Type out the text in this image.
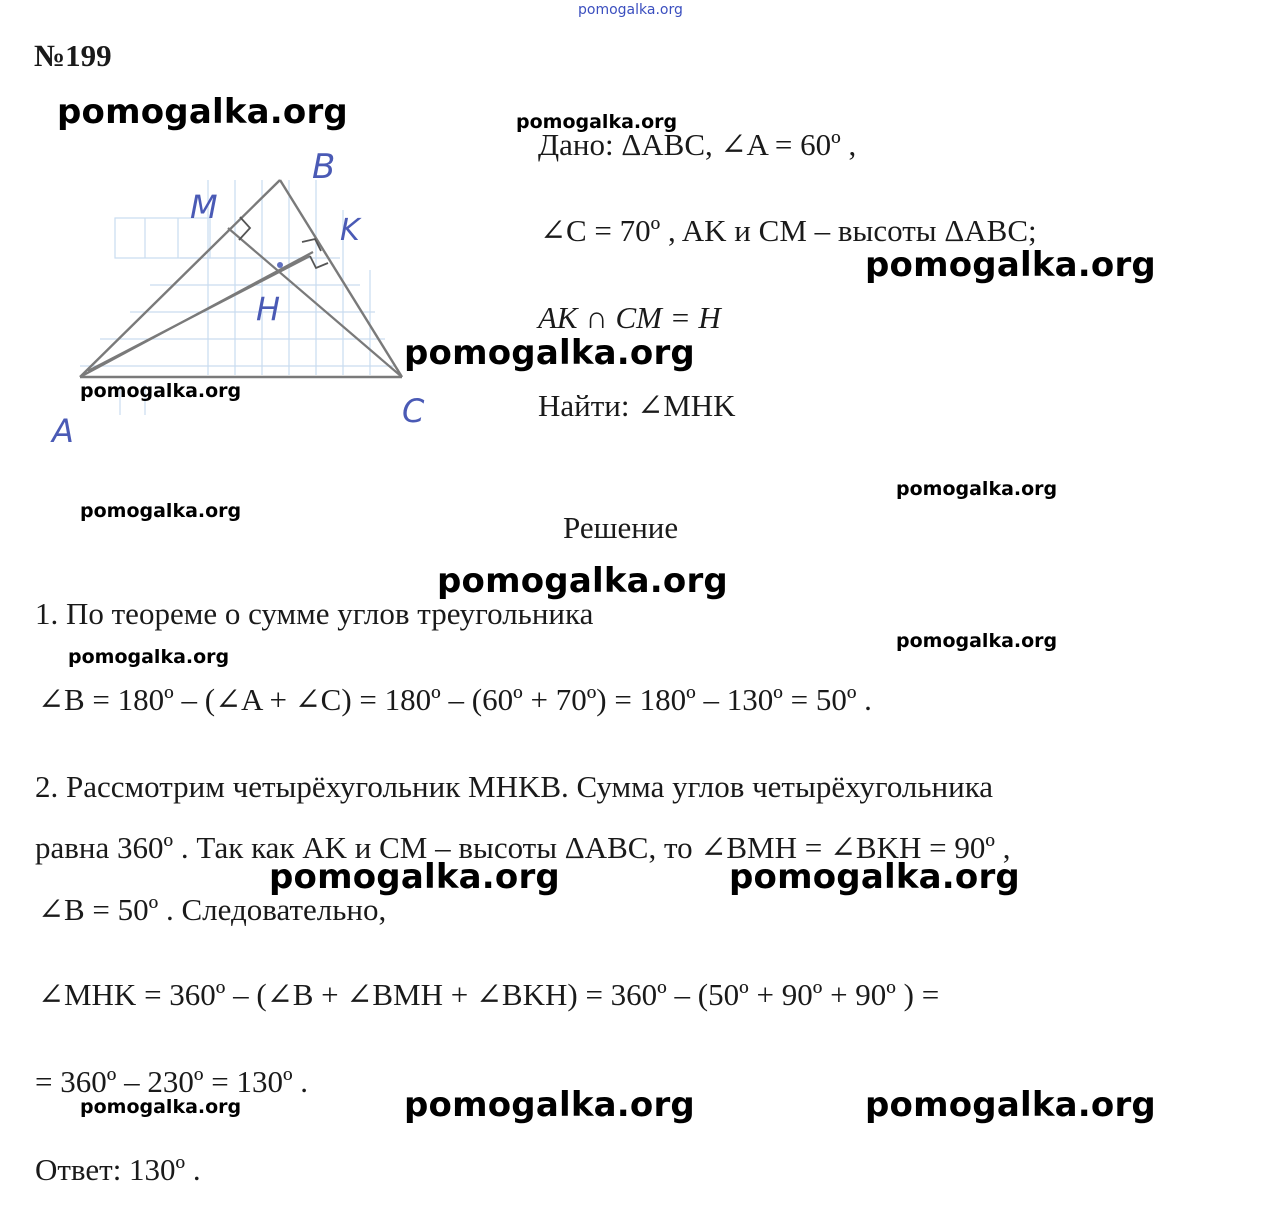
pomogalka.org
№199
B
M
K
H
A
C
Дано: ΔABC, ∠A = 60º ,
∠C = 70º , AK и CM – высоты ΔABC;
AK ∩ CM = H
Найти: ∠MHK
Решение
1. По теореме о сумме углов треугольника
∠B = 180º – (∠A + ∠C) = 180º – (60º + 70º) = 180º – 130º = 50º .
2. Рассмотрим четырёхугольник MHKB. Сумма углов четырёхугольника
равна 360º . Так как AK и CM – высоты ΔABC, то ∠BMH = ∠BKH = 90º ,
∠B = 50º . Следовательно,
∠MHK = 360º – (∠B + ∠BMH + ∠BKH) = 360º – (50º + 90º + 90º ) =
= 360º – 230º = 130º .
Ответ: 130º .
pomogalka.org
pomogalka.org
pomogalka.org
pomogalka.org
pomogalka.org	pomogalka.org
pomogalka.org	pomogalka.org
pomogalka.org
pomogalka.org
pomogalka.org
pomogalka.org
pomogalka.org
pomogalka.org
pomogalka.org
